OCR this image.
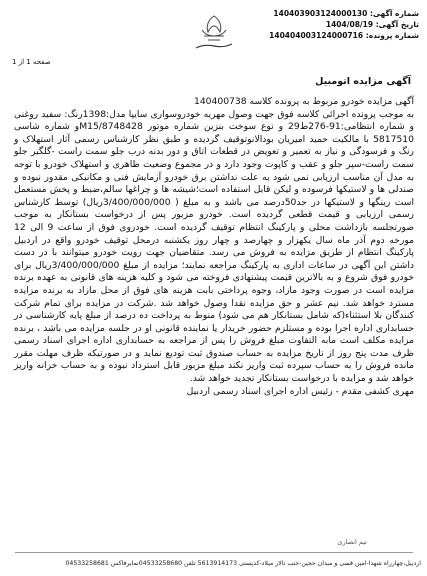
شماره آگهی: 140403903124000130
تاریخ آگهی: 1404/08/19
شماره پرونده: 140404003124000716
صفحه 1 از 1
آگهی مزایده اتومبیل

آگهی مزایده خودرو مربوط به پرونده کلاسه 140400738

به موجب پرونده اجرائی کلاسه فوق جهت وصول مهریه خودروسواری سایپا مدل:1398رنگ: سفید روغنی و شماره انتظامی:91-276ط29 و نوع سوخت بنزین شماره موتور M15/8748428و شماره شاسی 5817510 با مالکیت حمید امیریان بودالانوتوقیف گردیده و طبق نظر کارشناس رسمی آثار استهلاک و رنگ و فرسودگی و نیاز به تعمیر و تعویض در قطعات اتاق و دور بدنه درب جلو سمت راست -گلگیر جلو سمت راست-سپر جلو و عقب و کاپوت وجود دارد و در مجموع وضعیت ظاهری و استهلاک خودرو با توجه به مدل آن مناسب ارزیابی نمی شود به علت نداشتن برق خودرو آزمایش فنی و مکانیکی مقدور نبوده و صندلی ها و لاستیکها فرسوده و لیکن قابل استفاده است؛شیشه ها و چراغها سالم،ضبط و پخش مستعمل است رینگها و لاستیکها در حد50درصد می باشد و به مبلغ ( 3/400/000/000ریال) توسط کارشناس رسمی ارزیابی و قیمت قطعی گردیده است. خودرو مزبور پس از درخواست بستانکار به موجب صورتجلسه بازداشت محلی و پارکینگ انتظام توقیف گردیده است. خودروی فوق از ساعت 9 الی 12 مورخه دوم آذر ماه سال یکهزار و چهارصد و چهار روز یکشنبه درمحل توقیف خودرو واقع در اردبیل پارکینگ انتظام از طریق مزایده به فروش می رسد. متقاضیان جهت رویت خودرو میتوانند با در دست داشتن این آگهی در ساعات اداری به پارکینگ مراجعه نمایند؛ مزایده از مبلغ 3/400/000/000ریال برای خودرو فوق شروع و به بالاترین قیمت پیشنهادی فروخته می شود و کلیه هزینه های قانونی به عهده برنده مزایده است در صورت وجود مازاد، وجوه پرداختی بابت هزینه های فوق از محل مازاد به برنده مزایده مسترد خواهد شد. نیم عشر و حق مزایده نقدا وصول خواهد شد .شرکت در مزایده برای تمام شرکت کنندگان بلا استثناء(که شامل بستانکار هم می شود) منوط به پرداخت ده درصد از مبلغ پایه کارشناسی در حسابداری اداره اجرا بوده و مستلزم حضور خریدار یا نماینده قانونی او در جلسه مزایده می باشد ، برنده مزایده مکلف است مابه التفاوت مبلغ فروش را پس از مراجعه به حسابداری اداره اجرای اسناد رسمی ظرف مدت پنج روز از تاریخ مزایده به حساب صندوق ثبت تودیع نماید و در صورتیکه ظرف مهلت مقرر مانده فروش را به حساب سپرده ثبت واریز نکند مبلغ مزبور قابل استرداد نبوده و به حساب خزانه واریز خواهد شد و مزایده با درخواست بستانکار تجدید خواهد شد.

مهری کشفی مقدم - رئیس اداره اجرای اسناد رسمی اردبیل

تیم انصاری
اردبیل،چهارراه شهدا-امین قسی و میدان حجین-جنب تالار میلاد-کدپستی 5613914173 تلفن 04533258680نمابرفاکس 04533258681
